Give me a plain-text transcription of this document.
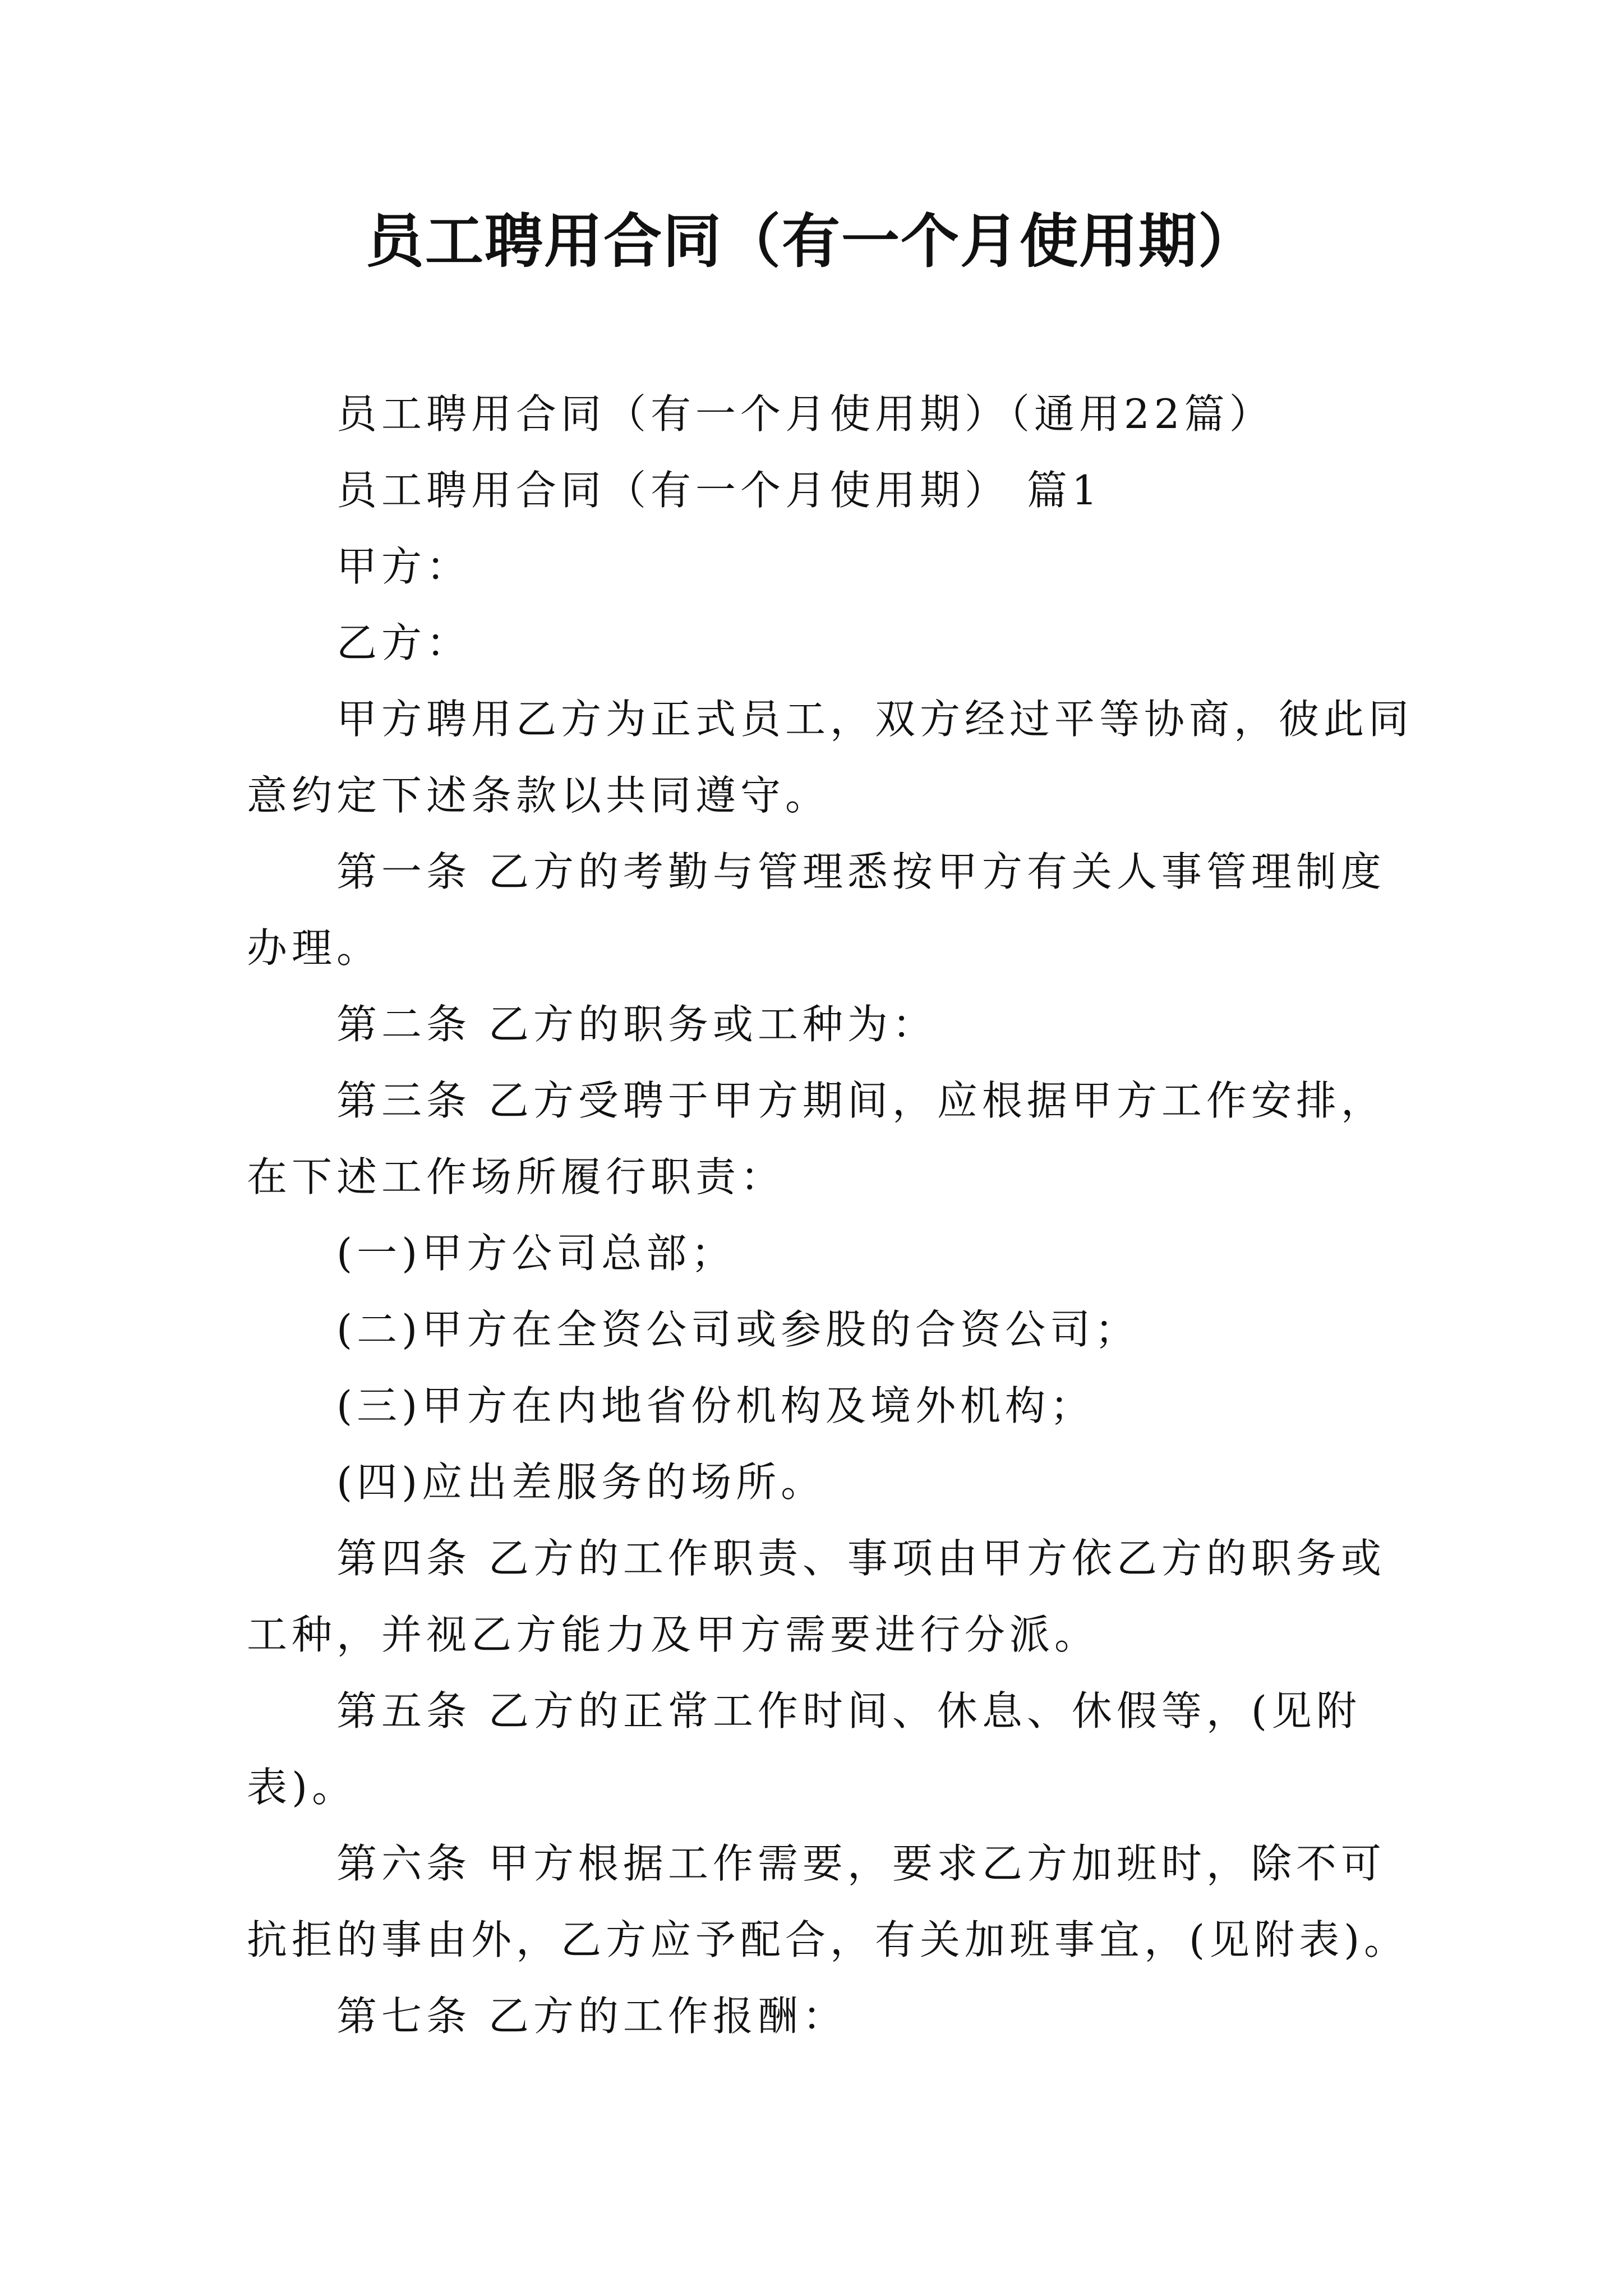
员工聘用合同（有一个月使用期）
员工聘用合同（有一个月使用期）（通用22篇）
员工聘用合同（有一个月使用期） 篇1
甲方：
乙方：
甲方聘用乙方为正式员工，双方经过平等协商，彼此同
意约定下述条款以共同遵守。
第一条 乙方的考勤与管理悉按甲方有关人事管理制度
办理。
第二条 乙方的职务或工种为：
第三条 乙方受聘于甲方期间，应根据甲方工作安排，
在下述工作场所履行职责：
(一)甲方公司总部；
(二)甲方在全资公司或参股的合资公司；
(三)甲方在内地省份机构及境外机构；
(四)应出差服务的场所。
第四条 乙方的工作职责、事项由甲方依乙方的职务或
工种，并视乙方能力及甲方需要进行分派。
第五条 乙方的正常工作时间、休息、休假等，(见附
表)。
第六条 甲方根据工作需要，要求乙方加班时，除不可
抗拒的事由外，乙方应予配合，有关加班事宜，(见附表)。
第七条 乙方的工作报酬：
